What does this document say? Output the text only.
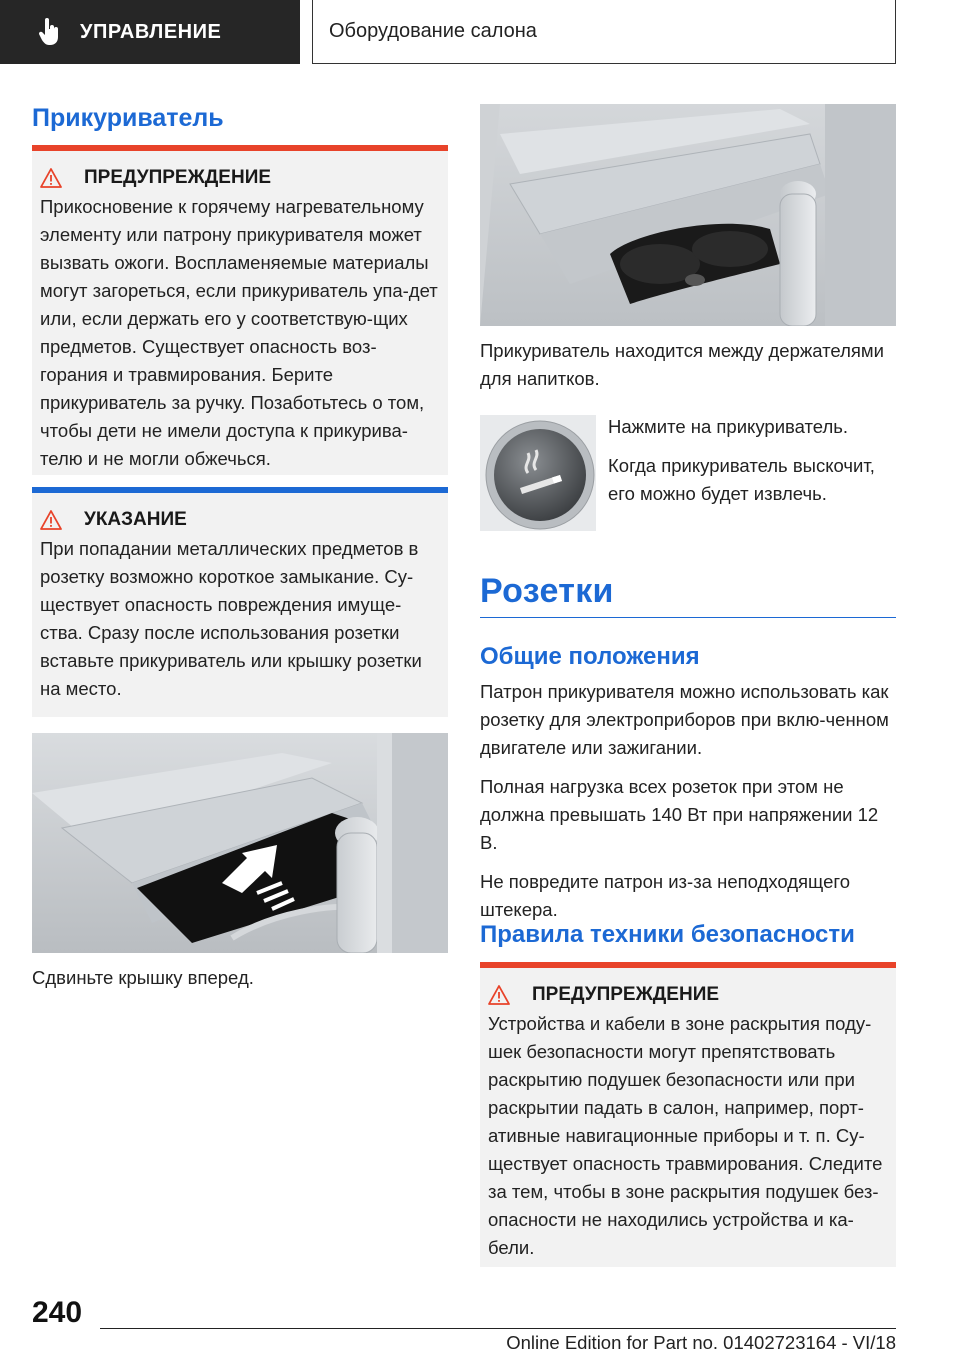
УПРАВЛЕНИЕ	Оборудование салона
Прикуриватель
ПРЕДУПРЕЖДЕНИЕ
Прикосновение к горячему нагревательному элементу или патрону прикуривателя может вызвать ожоги. Воспламеняемые материалы могут загореться, если прикуриватель упа-дет или, если держать его у соответствую-щих предметов. Существует опасность воз-горания и травмирования. Берите прикуриватель за ручку. Позаботьтесь о том, чтобы дети не имели доступа к прикурива-телю и не могли обжечься.
УКАЗАНИЕ
При попадании металлических предметов в розетку возможно короткое замыкание. Су-ществует опасность повреждения имуще-ства. Сразу после использования розетки вставьте прикуриватель или крышку розетки на место.
Сдвиньте крышку вперед.
Прикуриватель находится между держателями для напитков.

Нажмите на прикуриватель.

Когда прикуриватель выскочит, его можно будет извлечь.

Розетки
Общие положения

Патрон прикуривателя можно использовать как розетку для электроприборов при вклю-ченном двигателе или зажигании.

Полная нагрузка всех розеток при этом не должна превышать 140 Вт при напряжении 12 В.

Не повредите патрон из-за неподходящего штекера.

Правила техники безопасности
ПРЕДУПРЕЖДЕНИЕ
Устройства и кабели в зоне раскрытия поду-шек безопасности могут препятствовать раскрытию подушек безопасности или при раскрытии падать в салон, например, порт-ативные навигационные приборы и т. п. Су-ществует опасность травмирования. Следите за тем, чтобы в зоне раскрытия подушек без-опасности не находились устройства и ка-бели.
240
Online Edition for Part no. 01402723164 - VI/18
